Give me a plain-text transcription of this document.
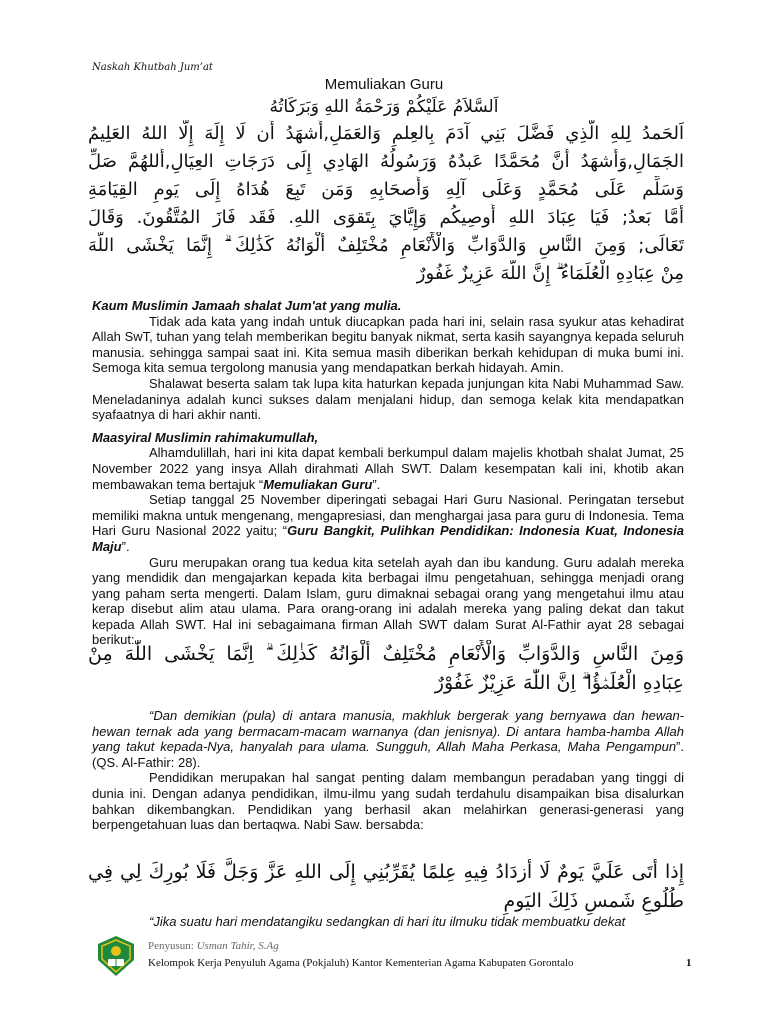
Naskah Khutbah Jum’at
Memuliakan Guru
اَلسَّلاَمُ عَلَيْكُمْ وَرَحْمَةُ اللهِ وَبَرَكَاتُهُ
اَلحَمدُ لِلهِ الَّذِي فَضَّلَ بَنِي آدَمَ بِالعِلمِ وَالعَمَلِ,أَشهَدُ أَن لَا إِلَهَ إِلَّا اللهُ العَلِيمُ
الجَمَالِ,وَأَشهَدُ أَنَّ مُحَمَّدًا عَبدُهُ وَرَسُولُهُ الهَادِي إِلَى دَرَجَاتِ العِيَالِ,أَللهُمَّ صَلِّ
وَسَلِّم عَلَى مُحَمَّدٍ وَعَلَى آلِهِ وَأَصحَابِهِ وَمَن تَبِعَ هُدَاهُ إِلَى يَومِ القِيَامَةِ
أَمَّا بَعدُ; فَيَا عِبَادَ اللهِ أُوصِيكُم وَإِيَّايَ بِتَقوَى اللهِ. فَقَد فَازَ المُتَّقُونَ. وَقَالَ
تَعَالَى; وَمِنَ النَّاسِ وَالدَّوَابِّ وَالْأَنْعَامِ مُخْتَلِفٌ أَلْوَانُهُ كَذَٰلِكَ ۗ إِنَّمَا يَخْشَى اللَّهَ
مِنْ عِبَادِهِ الْعُلَمَاءُ ۗ إِنَّ اللَّهَ عَزِيزٌ غَفُورٌ

Kaum Muslimin Jamaah shalat Jum'at yang mulia.

Tidak ada kata yang indah untuk diucapkan pada hari ini, selain rasa syukur atas kehadirat Allah SwT, tuhan yang telah memberikan begitu banyak nikmat, serta kasih sayangnya kepada seluruh manusia. sehingga sampai saat ini. Kita semua masih diberikan berkah kehidupan di muka bumi ini. Semoga kita semua tergolong manusia yang mendapatkan berkah hidayah. Amin.

Shalawat beserta salam tak lupa kita haturkan kepada junjungan kita Nabi Muhammad Saw. Meneladaninya adalah kunci sukses dalam menjalani hidup, dan semoga kelak kita mendapatkan syafaatnya di hari akhir nanti.

Maasyiral Muslimin rahimakumullah,

Alhamdulillah, hari ini kita dapat kembali berkumpul dalam majelis khotbah shalat Jumat, 25 November 2022 yang insya Allah dirahmati Allah SWT. Dalam kesempatan kali ini, khotib akan membawakan tema bertajuk “Memuliakan Guru”.

Setiap tanggal 25 November diperingati sebagai Hari Guru Nasional. Peringatan tersebut memiliki makna untuk mengenang, mengapresiasi, dan menghargai jasa para guru di Indonesia. Tema Hari Guru Nasional 2022 yaitu; “Guru Bangkit, Pulihkan Pendidikan: Indonesia Kuat, Indonesia Maju”.

Guru merupakan orang tua kedua kita setelah ayah dan ibu kandung. Guru adalah mereka yang mendidik dan mengajarkan kepada kita berbagai ilmu pengetahuan, sehingga menjadi orang yang paham serta mengerti. Dalam Islam, guru dimaknai sebagai orang yang mengetahui ilmu atau kerap disebut alim atau ulama. Para orang-orang ini adalah mereka yang paling dekat dan takut kepada Allah SWT. Hal ini sebagaimana firman Allah SWT dalam Surat Al-Fathir ayat 28 sebagai berikut:

وَمِنَ النَّاسِ وَالدَّوَابِّ وَالْأَنْعَامِ مُخْتَلِفٌ أَلْوَانُهُ كَذٰلِكَ ۗ اِنَّمَا يَخْشَى اللّٰهَ مِنْ
عِبَادِهِ الْعُلَمٰۤؤُا ۗ اِنَّ اللّٰهَ عَزِيْزٌ غَفُوْرٌ

“Dan demikian (pula) di antara manusia, makhluk bergerak yang bernyawa dan hewan-hewan ternak ada yang bermacam-macam warnanya (dan jenisnya). Di antara hamba-hamba Allah yang takut kepada-Nya, hanyalah para ulama. Sungguh, Allah Maha Perkasa, Maha Pengampun”. (QS. Al-Fathir: 28).

Pendidikan merupakan hal sangat penting dalam membangun peradaban yang tinggi di dunia ini. Dengan adanya pendidikan, ilmu-ilmu yang sudah terdahulu disampaikan bisa disalurkan bahkan dikembangkan. Pendidikan yang berhasil akan melahirkan generasi-generasi yang berpengetahuan luas dan bertaqwa. Nabi Saw. bersabda:

إِذا أَتَى عَلَيَّ يَومٌ لَا أَزدَادُ فِيهِ عِلمًا يُقَرِّبُنِي إِلَى اللهِ عَزَّ وَجَلَّ فَلَا بُورِكَ لِي فِي
طُلُوعِ شَمسِ ذَلِكَ اليَومِ

“Jika suatu hari mendatangiku sedangkan di hari itu ilmuku tidak membuatku dekat

Penyusun: Usman Tahir, S.Ag
Kelompok Kerja Penyuluh Agama (Pokjaluh) Kantor Kementerian Agama Kabupaten Gorontalo	1
